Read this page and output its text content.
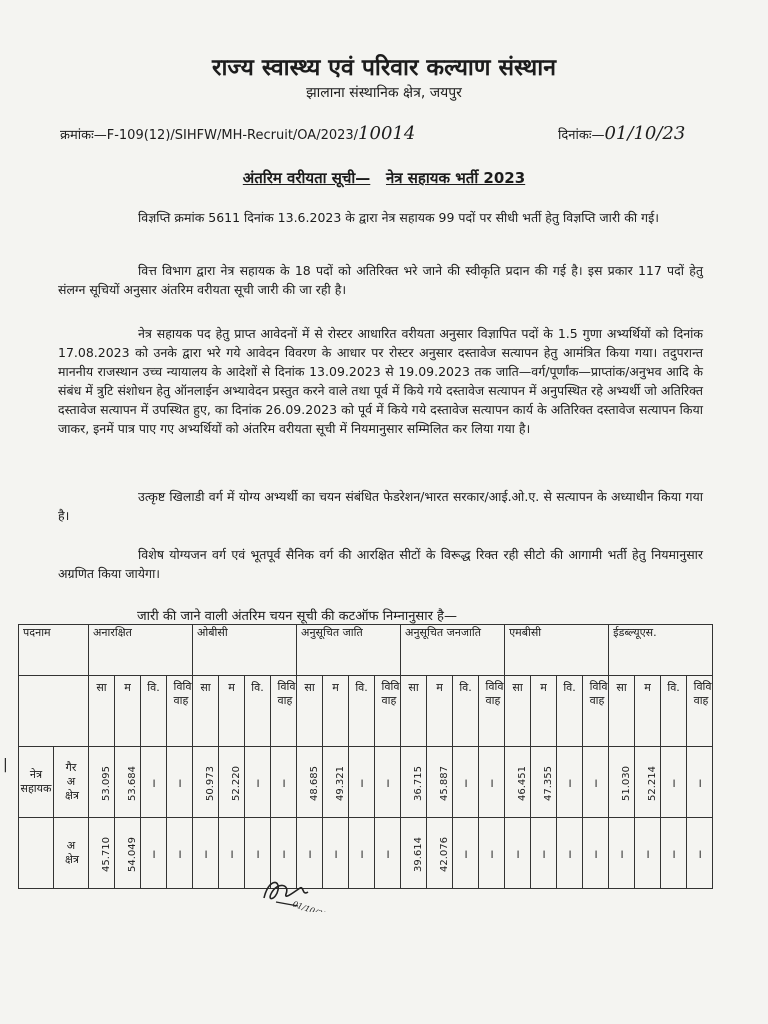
राज्य स्वास्थ्य एवं परिवार कल्याण संस्थान
झालाना संस्थानिक क्षेत्र, जयपुर
क्रमांकः—F-109(12)/SIHFW/MH-Recruit/OA/2023/10014	दिनांकः—01/10/23
अंतरिम वरीयता सूची— नेत्र सहायक भर्ती 2023
विज्ञप्ति क्रमांक 5611 दिनांक 13.6.2023 के द्वारा नेत्र सहायक 99 पदों पर सीधी भर्ती हेतु विज्ञप्ति जारी की गई।
वित्त विभाग द्वारा नेत्र सहायक के 18 पदों को अतिरिक्त भरे जाने की स्वीकृति प्रदान की गई है। इस प्रकार 117 पदों हेतु संलग्न सूचियों अनुसार अंतरिम वरीयता सूची जारी की जा रही है।
नेत्र सहायक पद हेतु प्राप्त आवेदनों में से रोस्टर आधारित वरीयता अनुसार विज्ञापित पदों के 1.5 गुणा अभ्यर्थियों को दिनांक 17.08.2023 को उनके द्वारा भरे गये आवेदन विवरण के आधार पर रोस्टर अनुसार दस्तावेज सत्यापन हेतु आमंत्रित किया गया। तदुपरान्त माननीय राजस्थान उच्च न्यायालय के आदेशों से दिनांक 13.09.2023 से 19.09.2023 तक जाति—वर्ग/पूर्णांक—प्राप्तांक/अनुभव आदि के संबंध में त्रुटि संशोधन हेतु ऑनलाईन अभ्यावेदन प्रस्तुत करने वाले तथा पूर्व में किये गये दस्तावेज सत्यापन में अनुपस्थित रहे अभ्यर्थी जो अतिरिक्त दस्तावेज सत्यापन में उपस्थित हुए, का दिनांक 26.09.2023 को पूर्व में किये गये दस्तावेज सत्यापन कार्य के अतिरिक्त दस्तावेज सत्यापन किया जाकर, इनमें पात्र पाए गए अभ्यर्थियों को अंतरिम वरीयता सूची में नियमानुसार सम्मिलित कर लिया गया है।
उत्कृष्ट खिलाडी वर्ग में योग्य अभ्यर्थी का चयन संबंधित फेडरेशन/भारत सरकार/आई.ओ.ए. से सत्यापन के अध्याधीन किया गया है।
विशेष योग्यजन वर्ग एवं भूतपूर्व सैनिक वर्ग की आरक्षित सीटों के विरूद्ध रिक्त रही सीटो की आगामी भर्ती हेतु नियमानुसार अग्रणित किया जायेगा।
जारी की जाने वाली अंतरिम चयन सूची की कटऑफ निम्नानुसार है—
|
पदनाम	अनारक्षित				ओबीसी				अनुसूचित जाति				अनुसूचित जनजाति				एमबीसी				ईडब्ल्यूएस.			
	सा	म	वि.	विविवाह	सा	म	वि.	विविवाह	सा	म	वि.	विविवाह	सा	म	वि.	विविवाह	सा	म	वि.	विविवाह	सा	म	वि.	विविवाह

नेत्र सहायक
गैरअक्षेत्र	53.095	53.684	।	।	50.973	52.220	।	।	48.685	49.321	।	।	36.715	45.887	।	।	46.451	47.355	।	।	51.030	52.214	।	।

अक्षेत्र	45.710	54.049	।	।	।	।	।	।	।	।	।	।	39.614	42.076	।	।	।	।	।	।	।	।	।	।
01/10/23
